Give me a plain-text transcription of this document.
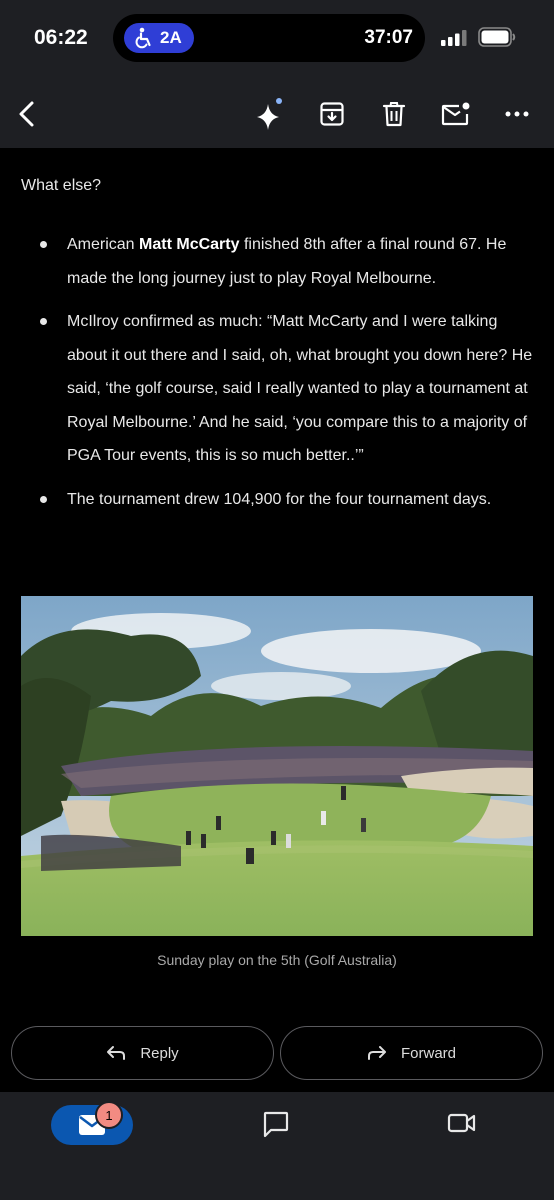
06:22	2A	37:07
What else?
American Matt McCarty finished 8th after a final round 67. He made the long journey just to play Royal Melbourne.
McIlroy confirmed as much: “Matt McCarty and I were talking about it out there and I said, oh, what brought you down here? He said, ‘the golf course, said I really wanted to play a tournament at Royal Melbourne.’ And he said, ‘you compare this to a majority of PGA Tour events, this is so much better..’”
The tournament drew 104,900 for the four tournament days.
Sunday play on the 5th (Golf Australia)
Reply	Forward
1
